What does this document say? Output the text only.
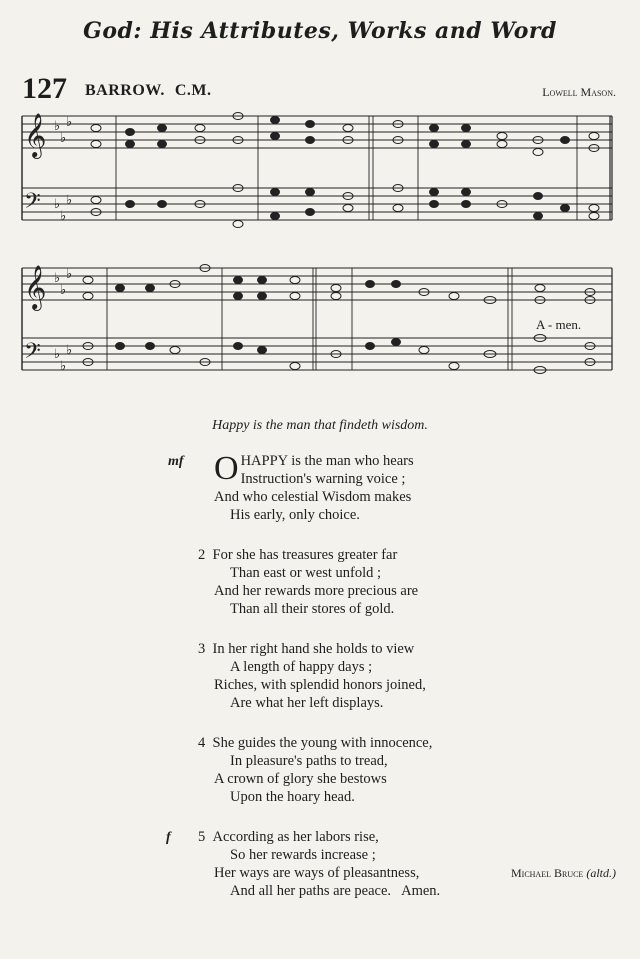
God: His Attributes, Works and Word
127 BARROW. C.M.	Lowell Mason.
𝄞
𝄢
𝄞
𝄢
♭
♭
♭
♭
♭
♭
♭
♭
♭
♭
♭
♭
A - men.
Happy is the man that findeth wisdom.
mf OHAPPY is the man who hears
Instruction's warning voice ;
And who celestial Wisdom makes
His early, only choice.
2 For she has treasures greater far
Than east or west unfold ;
And her rewards more precious are
Than all their stores of gold.
3 In her right hand she holds to view
A length of happy days ;
Riches, with splendid honors joined,
Are what her left displays.
4 She guides the young with innocence,
In pleasure's paths to tread,
A crown of glory she bestows
Upon the hoary head.
f	5 According as her labors rise,
So her rewards increase ;
Her ways are ways of pleasantness,
And all her paths are peace.   Amen.
Michael Bruce (altd.)
